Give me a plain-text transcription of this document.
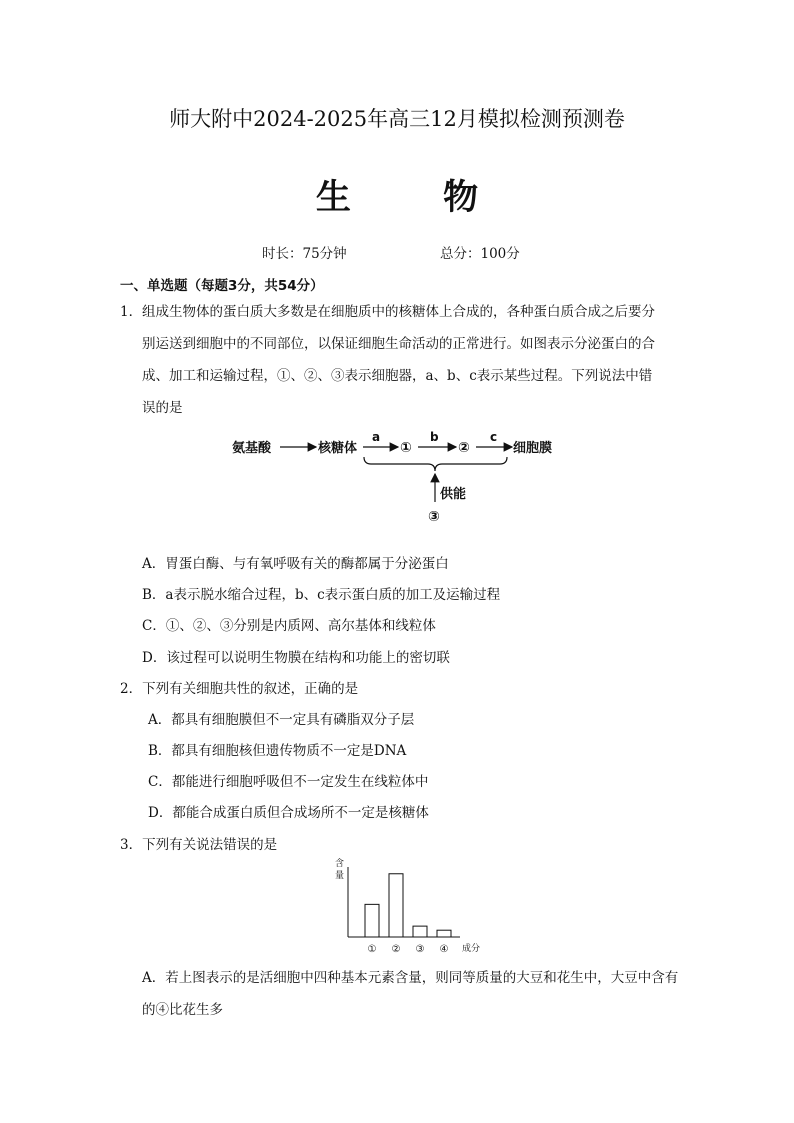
师大附中2024-2025年高三12月模拟检测预测卷
生 物
时长：75分钟	总分：100分
一、单选题（每题3分，共54分）
1． 组成生物体的蛋白质大多数是在细胞质中的核糖体上合成的，各种蛋白质合成之后要分
别运送到细胞中的不同部位，以保证细胞生命活动的正常进行。如图表示分泌蛋白的合
成、加工和运输过程，①、②、③表示细胞器，a、b、c表示某些过程。下列说法中错
误的是
氨基酸	核糖体
a
①
b
②
c
细胞膜
供能
③
A．胃蛋白酶、与有氧呼吸有关的酶都属于分泌蛋白
B．a表示脱水缩合过程，b、c表示蛋白质的加工及运输过程
C．①、②、③分别是内质网、高尔基体和线粒体
D．该过程可以说明生物膜在结构和功能上的密切联
2．下列有关细胞共性的叙述，正确的是
A．都具有细胞膜但不一定具有磷脂双分子层
B．都具有细胞核但遗传物质不一定是DNA
C．都能进行细胞呼吸但不一定发生在线粒体中
D．都能合成蛋白质但合成场所不一定是核糖体
3．下列有关说法错误的是
含
量
成分
① ② ③ ④
A．若上图表示的是活细胞中四种基本元素含量，则同等质量的大豆和花生中，大豆中含有
的④比花生多
